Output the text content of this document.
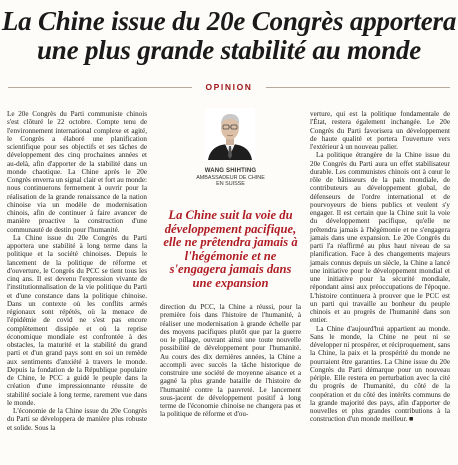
La Chine issue du 20e Congrès apportera
une plus grande stabilité au monde
OPINION

Le 20e Congrès du Parti communiste chinois s'est clôturé le 22 octobre. Compte tenu de l'environnement international complexe et agité, le Congrès a élaboré une planification scientifique pour ses objectifs et ses tâches de développement des cinq prochaines années et au-delà, afin d'apporter de la stabilité dans un monde chaotique. La Chine après le 20e Congrès enverra un signal clair et fort au monde: nous continuerons fermement à ouvrir pour la réalisation de la grande renaissance de la nation chinoise via un modèle de modernisation chinois, afin de continuer à faire avancer de manière proactive la construction d'une communauté de destin pour l'humanité.

La Chine issue du 20e Congrès du Parti apportera une stabilité à long terme dans la politique et la société chinoises. Depuis le lancement de la politique de réforme et d'ouverture, le Congrès du PCC se tient tous les cinq ans. Il est devenu l'expression vivante de l'institutionnalisation de la vie politique du Parti et d'une constance dans la politique chinoise. Dans un contexte où les conflits armés régionaux sont répétés, où la menace de l'épidémie de covid ne s'est pas encore complètement dissipée et où la reprise économique mondiale est confrontée à des obstacles, la maturité et la stabilité du grand parti et d'un grand pays sont en soi un remède aux sentiments d'anxiété à travers le monde. Depuis la fondation de la République populaire de Chine, le PCC a guidé le peuple dans la création d'une impressionnante réussite de stabilité sociale à long terme, rarement vue dans le monde.

L'économie de la Chine issue du 20e Congrès du Parti se développera de manière plus robuste et solide. Sous la

WANG SHIHTING
AMBASSADEUR DE CHINE
EN SUISSE
La Chine suit la voie du développement pacifique, elle ne prêtendra jamais à l'hégémonie et ne s'engagera jamais dans une expansion

direction du PCC, la Chine a réussi, pour la première fois dans l'histoire de l'humanité, à réaliser une modernisation à grande échelle par des moyens pacifiques plutôt que par la guerre ou le pillage, ouvrant ainsi une toute nouvelle possibilité de développement pour l'humanité. Au cours des dix dernières années, la Chine a accompli avec succès la tâche historique de construire une société de moyenne aisance et a gagné la plus grande bataille de l'histoire de l'humanité contre la pauvreté. Le lancement sous-jacent de développement positif à long terme de l'économie chinoise ne changera pas et la politique de réforme et d'ou-

verture, qui est la politique fondamentale de l'État, restera également inchangée. Le 20e Congrès du Parti favorisera un développement de haute qualité et portera l'ouverture vers l'extérieur à un nouveau palier.

La politique étrangère de la Chine issue du 20e Congrès du Parti aura un effet stabilisateur durable. Les communistes chinois ont à cœur le rôle de bâtisseurs de la paix mondiale, de contributeurs au développement global, de défenseurs de l'ordre international et de pourvoyeurs de biens publics et veulent s'y engager. Il est certain que la Chine suit la voie du développement pacifique, qu'elle ne prêtendra jamais à l'hégémonie et ne s'engagera jamais dans une expansion. Le 20e Congrès du parti l'a réaffirmé au plus haut niveau de sa planification. Face à des changements majeurs jamais connus depuis un siècle, la Chine a lancé une initiative pour le développement mondial et une initiative pour la sécurité mondiale, répondant ainsi aux préoccupations de l'époque. L'histoire continuera à prouver que le PCC est un parti qui travaille au bonheur du peuple chinois et au progrès de l'humanité dans son entier.

La Chine d'aujourd'hui appartient au monde. Sans le monde, la Chine ne peut ni se développer ni prospérer, et réciproquement, sans la Chine, la paix et la prospérité du monde ne pourraient être garanties. La Chine issue du 20e Congrès du Parti démarque pour un nouveau périple. Elle restera en perturbation avec la cité du progrès de l'humanité, du côté de la coopération et du côté des intérêts communs de la grande majorité des pays, afin d'apporter de nouvelles et plus grandes contributions à la construction d'un monde meilleur. ■
